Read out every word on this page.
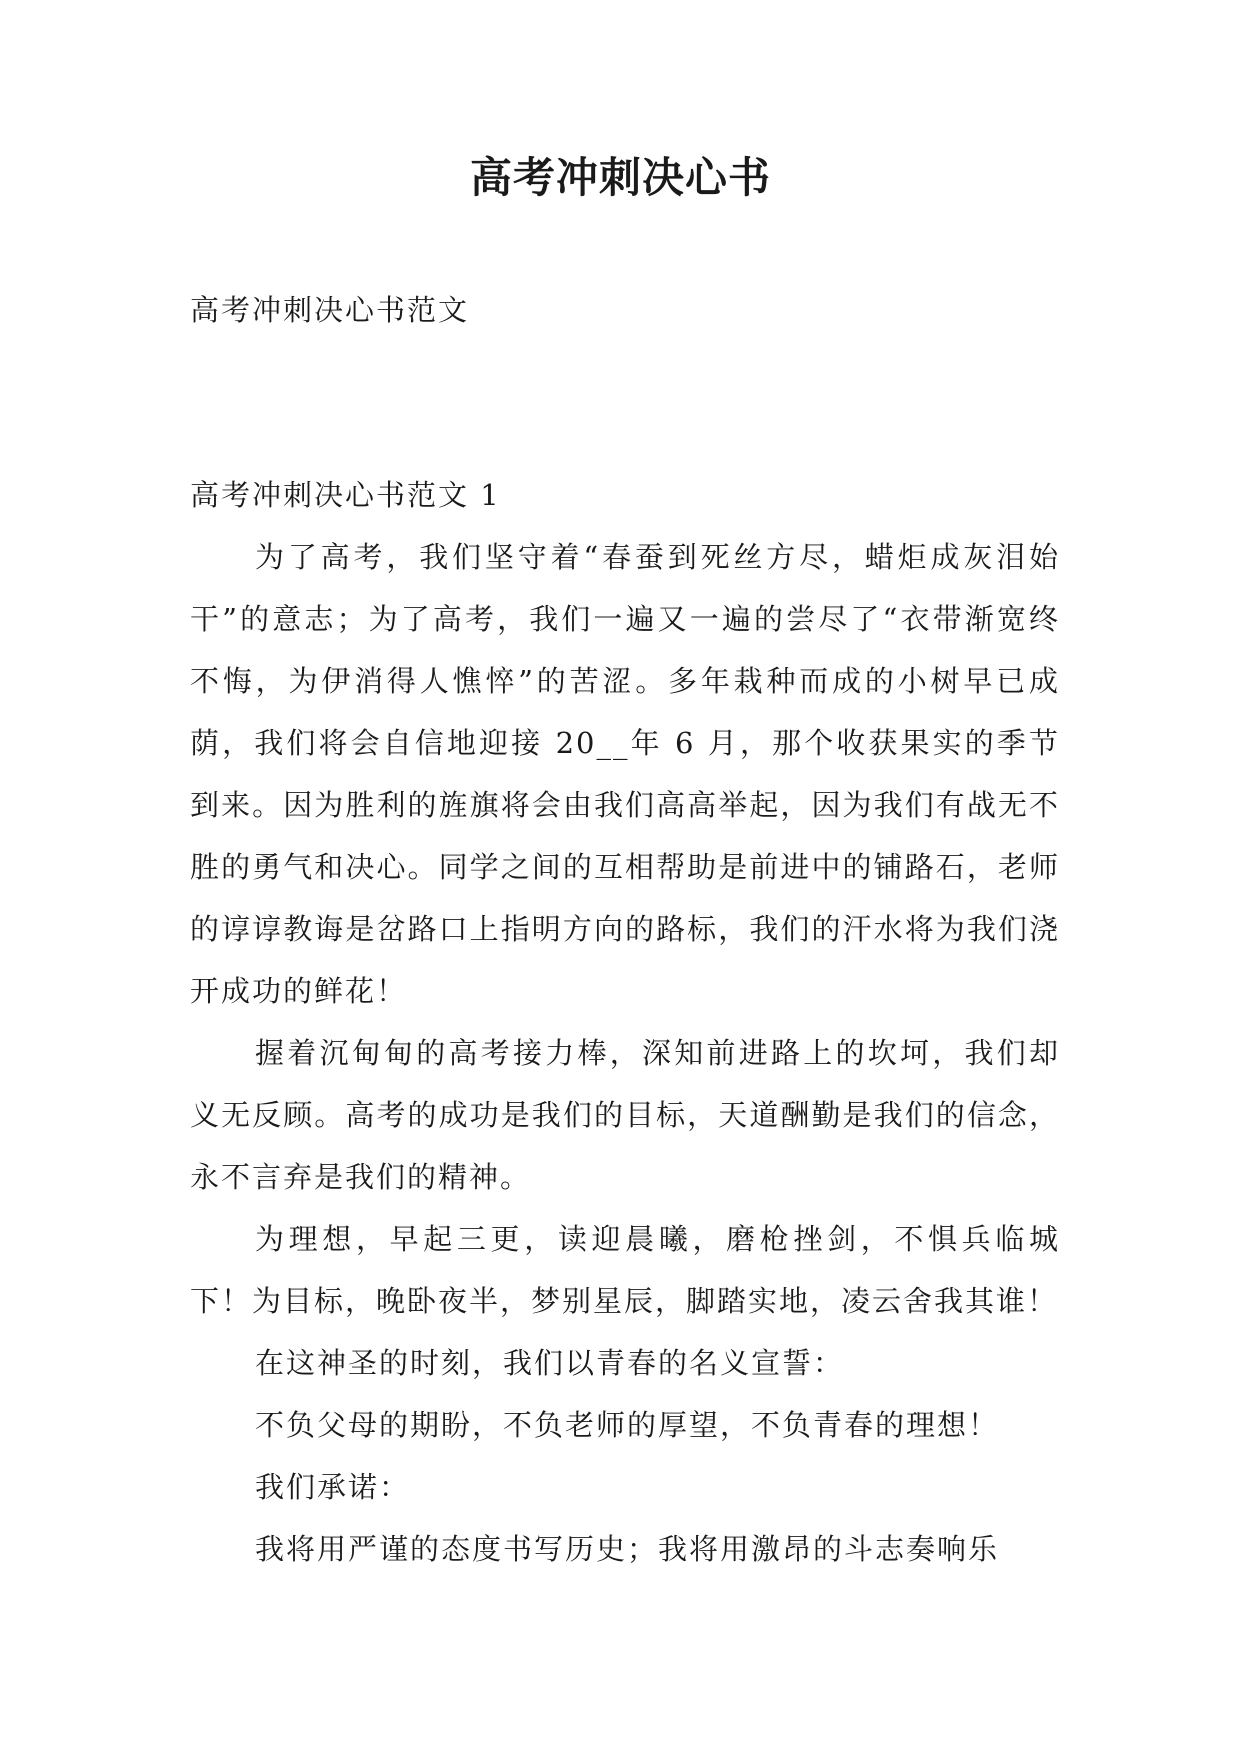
高考冲刺决心书
高考冲刺决心书范文

高考冲刺决心书范文 1

为了高考，我们坚守着“春蚕到死丝方尽，蜡炬成灰泪始干”的意志；为了高考，我们一遍又一遍的尝尽了“衣带渐宽终不悔，为伊消得人憔悴”的苦涩。多年栽种而成的小树早已成荫，我们将会自信地迎接 20__年 6 月，那个收获果实的季节到来。因为胜利的旌旗将会由我们高高举起，因为我们有战无不胜的勇气和决心。同学之间的互相帮助是前进中的铺路石，老师的谆谆教诲是岔路口上指明方向的路标，我们的汗水将为我们浇开成功的鲜花！

握着沉甸甸的高考接力棒，深知前进路上的坎坷，我们却义无反顾。高考的成功是我们的目标，天道酬勤是我们的信念，永不言弃是我们的精神。

为理想，早起三更，读迎晨曦，磨枪挫剑，不惧兵临城下！为目标，晚卧夜半，梦别星辰，脚踏实地，凌云舍我其谁！

在这神圣的时刻，我们以青春的名义宣誓：

不负父母的期盼，不负老师的厚望，不负青春的理想！

我们承诺：

我将用严谨的态度书写历史；我将用激昂的斗志奏响乐
